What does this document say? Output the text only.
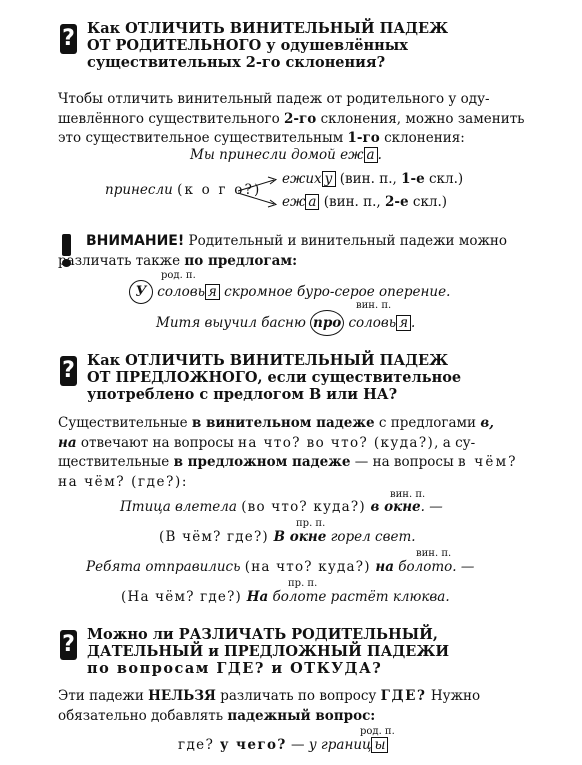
? Как ОТЛИЧИТЬ ВИНИТЕЛЬНЫЙ ПАДЕЖ
ОТ РОДИТЕЛЬНОГО у одушевлённых
существительных 2-го склонения?
Чтобы отличить винительный падеж от родительного у оду-
шевлённого существительного 2-го склонения, можно заменить
это существительное существительным 1-го склонения:
Мы принесли домой еж а .
принесли (к о г о?)
ежих у (вин. п., 1-е скл.)
еж а (вин. п., 2-е скл.)
ВНИМАНИЕ! Родительный и винительный падежи можно
различать также по предлогам:
род. п.
У соловь я скромное буро-серое оперение.
вин. п.
Митя выучил басню про соловь я .
? Как ОТЛИЧИТЬ ВИНИТЕЛЬНЫЙ ПАДЕЖ
ОТ ПРЕДЛОЖНОГО, если существительное
употреблено с предлогом В или НА?
Существительные в винительном падеже с предлогами в,
на отвечают на вопросы на что? во что? (куда?), а су-
ществительные в предложном падеже — на вопросы в чём?
на чём? (где?):
вин. п.
Птица влетела (во что? куда?) в окне. —
пр. п.
(В чём? где?) В окне горел свет.
вин. п.
Ребята отправились (на что? куда?) на болото. —
пр. п.
(На чём? где?) На болоте растёт клюква.
? Можно ли РАЗЛИЧАТЬ РОДИТЕЛЬНЫЙ,
ДАТЕЛЬНЫЙ и ПРЕДЛОЖНЫЙ ПАДЕЖИ
по вопросам ГДЕ? и ОТКУДА?
Эти падежи НЕЛЬЗЯ различать по вопросу ГДЕ? Нужно
обязательно добавлять падежный вопрос:
род. п.
где? у чего? — у границ ы
